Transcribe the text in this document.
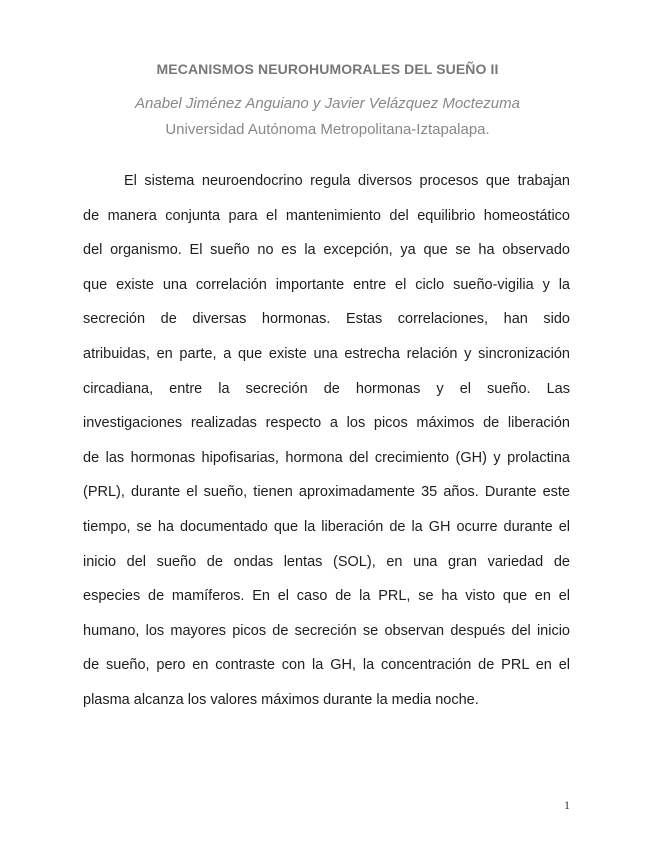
MECANISMOS NEUROHUMORALES DEL SUEÑO II
Anabel Jiménez Anguiano y Javier Velázquez Moctezuma
Universidad Autónoma Metropolitana-Iztapalapa.
El sistema neuroendocrino regula diversos procesos que trabajan
de manera conjunta para el mantenimiento del equilibrio homeostático
del organismo. El sueño no es la excepción, ya que se ha observado
que existe una correlación importante entre el ciclo sueño-vigilia y la
secreción de diversas hormonas. Estas correlaciones, han sido
atribuidas, en parte, a que existe una estrecha relación y sincronización
circadiana, entre la secreción de hormonas y el sueño. Las
investigaciones realizadas respecto a los picos máximos de liberación
de las hormonas hipofisarias, hormona del crecimiento (GH) y prolactina
(PRL), durante el sueño, tienen aproximadamente 35 años. Durante este
tiempo, se ha documentado que la liberación de la GH ocurre durante el
inicio del sueño de ondas lentas (SOL), en una gran variedad de
especies de mamíferos. En el caso de la PRL, se ha visto que en el
humano, los mayores picos de secreción se observan después del inicio
de sueño, pero en contraste con la GH, la concentración de PRL en el
plasma alcanza los valores máximos durante la media noche.
1
